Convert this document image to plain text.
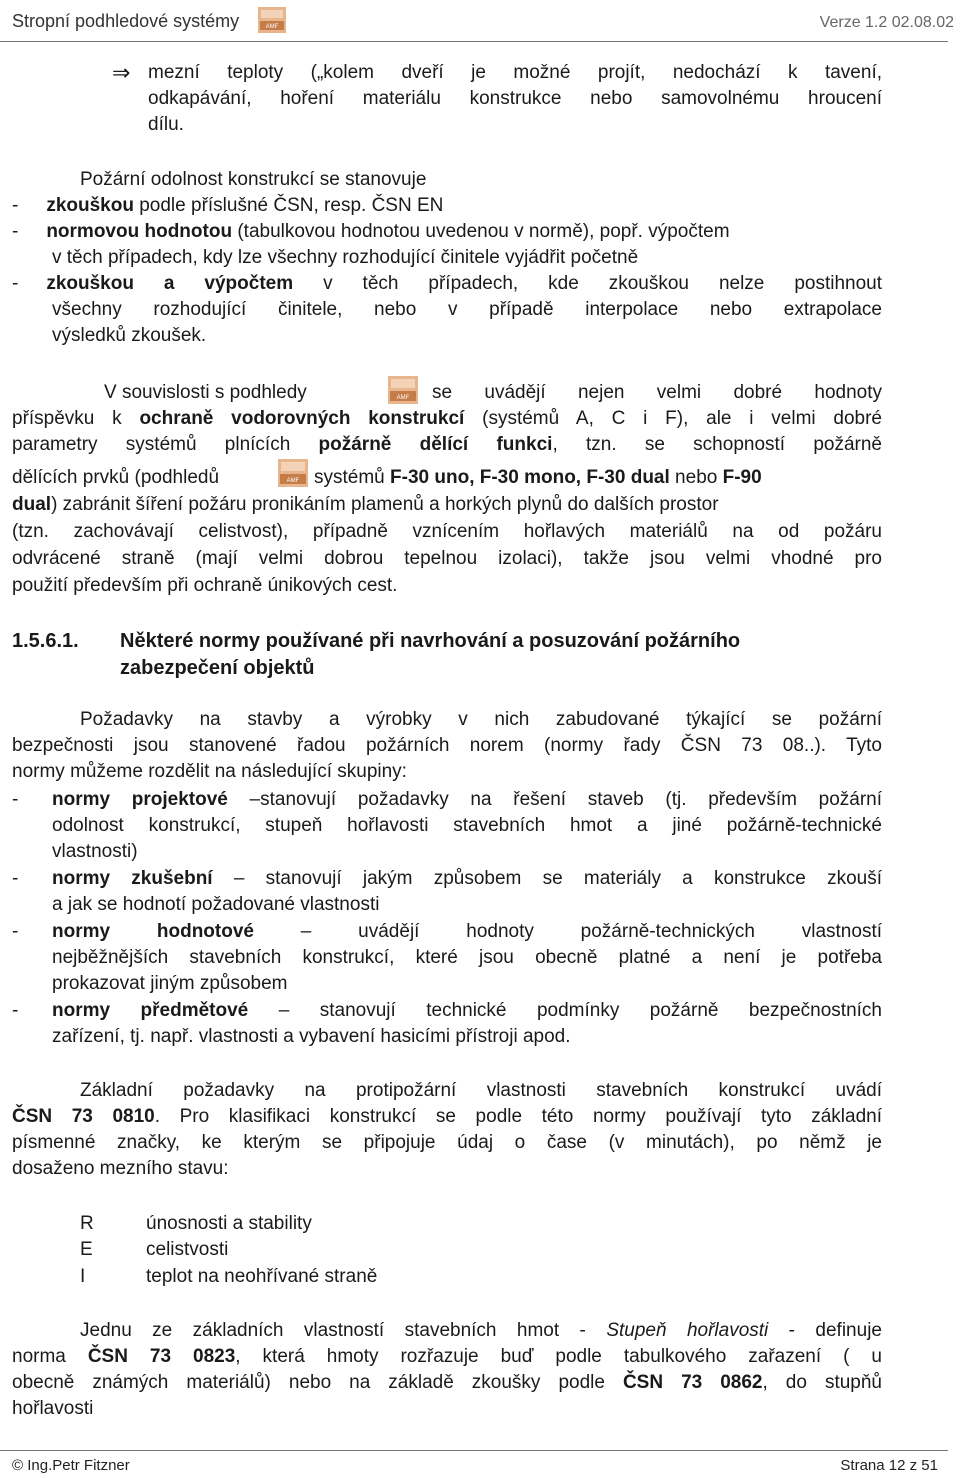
Stropní podhledové systémy	AMF	Verze 1.2 02.08.02
⇒ mezní teploty („kolem dveří je možné projít, nedochází k tavení,
odkapávání, hoření materiálu konstrukce nebo samovolnému hroucení
dílu.
Požární odolnost konstrukcí se stanovuje
- zkouškou podle příslušné ČSN, resp. ČSN EN
- normovou hodnotou (tabulkovou hodnotou uvedenou v normě), popř. výpočtem
v těch případech, kdy lze všechny rozhodující činitele vyjádřit početně
- zkouškou a výpočtem v těch případech, kde zkouškou nelze postihnout
všechny rozhodující činitele, nebo v případě interpolace nebo extrapolace
výsledků zkoušek.
V souvislosti s podhledy	AMF se uvádějí nejen velmi dobré hodnoty
příspěvku k ochraně vodorovných konstrukcí (systémů A, C i F), ale i velmi dobré
parametry systémů plnících požárně dělící funkci, tzn. se schopností požárně
dělících prvků (podhledů	AMF systémů F-30 uno, F-30 mono, F-30 dual nebo F-90
dual) zabránit šíření požáru pronikáním plamenů a horkých plynů do dalších prostor
(tzn. zachovávají celistvost), případně vznícením hořlavých materiálů na od požáru
odvrácené straně (mají velmi dobrou tepelnou izolaci), takže jsou velmi vhodné pro
použití především při ochraně únikových cest.
1.5.6.1. Některé normy používané při navrhování a posuzování požárního
zabezpečení objektů
Požadavky na stavby a výrobky v nich zabudované týkající se požární
bezpečnosti jsou stanovené řadou požárních norem (normy řady ČSN 73 08..). Tyto
normy můžeme rozdělit na následující skupiny:
- normy projektové –stanovují požadavky na řešení staveb (tj. především požární
odolnost konstrukcí, stupeň hořlavosti stavebních hmot a jiné požárně-technické
vlastnosti)
- normy zkušební – stanovují jakým způsobem se materiály a konstrukce zkouší
a jak se hodnotí požadované vlastnosti
- normy hodnotové – uvádějí hodnoty požárně-technických vlastností
nejběžnějších stavebních konstrukcí, které jsou obecně platné a není je potřeba
prokazovat jiným způsobem
- normy předmětové – stanovují technické podmínky požárně bezpečnostních
zařízení, tj. např. vlastnosti a vybavení hasicími přístroji apod.
Základní požadavky na protipožární vlastnosti stavebních konstrukcí uvádí
ČSN 73 0810. Pro klasifikaci konstrukcí se podle této normy používají tyto základní
písmenné značky, ke kterým se připojuje údaj o čase (v minutách), po němž je
dosaženo mezního stavu:
R	únosnosti a stability
E	celistvosti
I	teplot na neohřívané straně
Jednu ze základních vlastností stavebních hmot - Stupeň hořlavosti - definuje
norma ČSN 73 0823, která hmoty rozřazuje buď podle tabulkového zařazení ( u
obecně známých materiálů) nebo na základě zkoušky podle ČSN 73 0862, do stupňů
hořlavosti
© Ing.Petr Fitzner	Strana 12 z 51
